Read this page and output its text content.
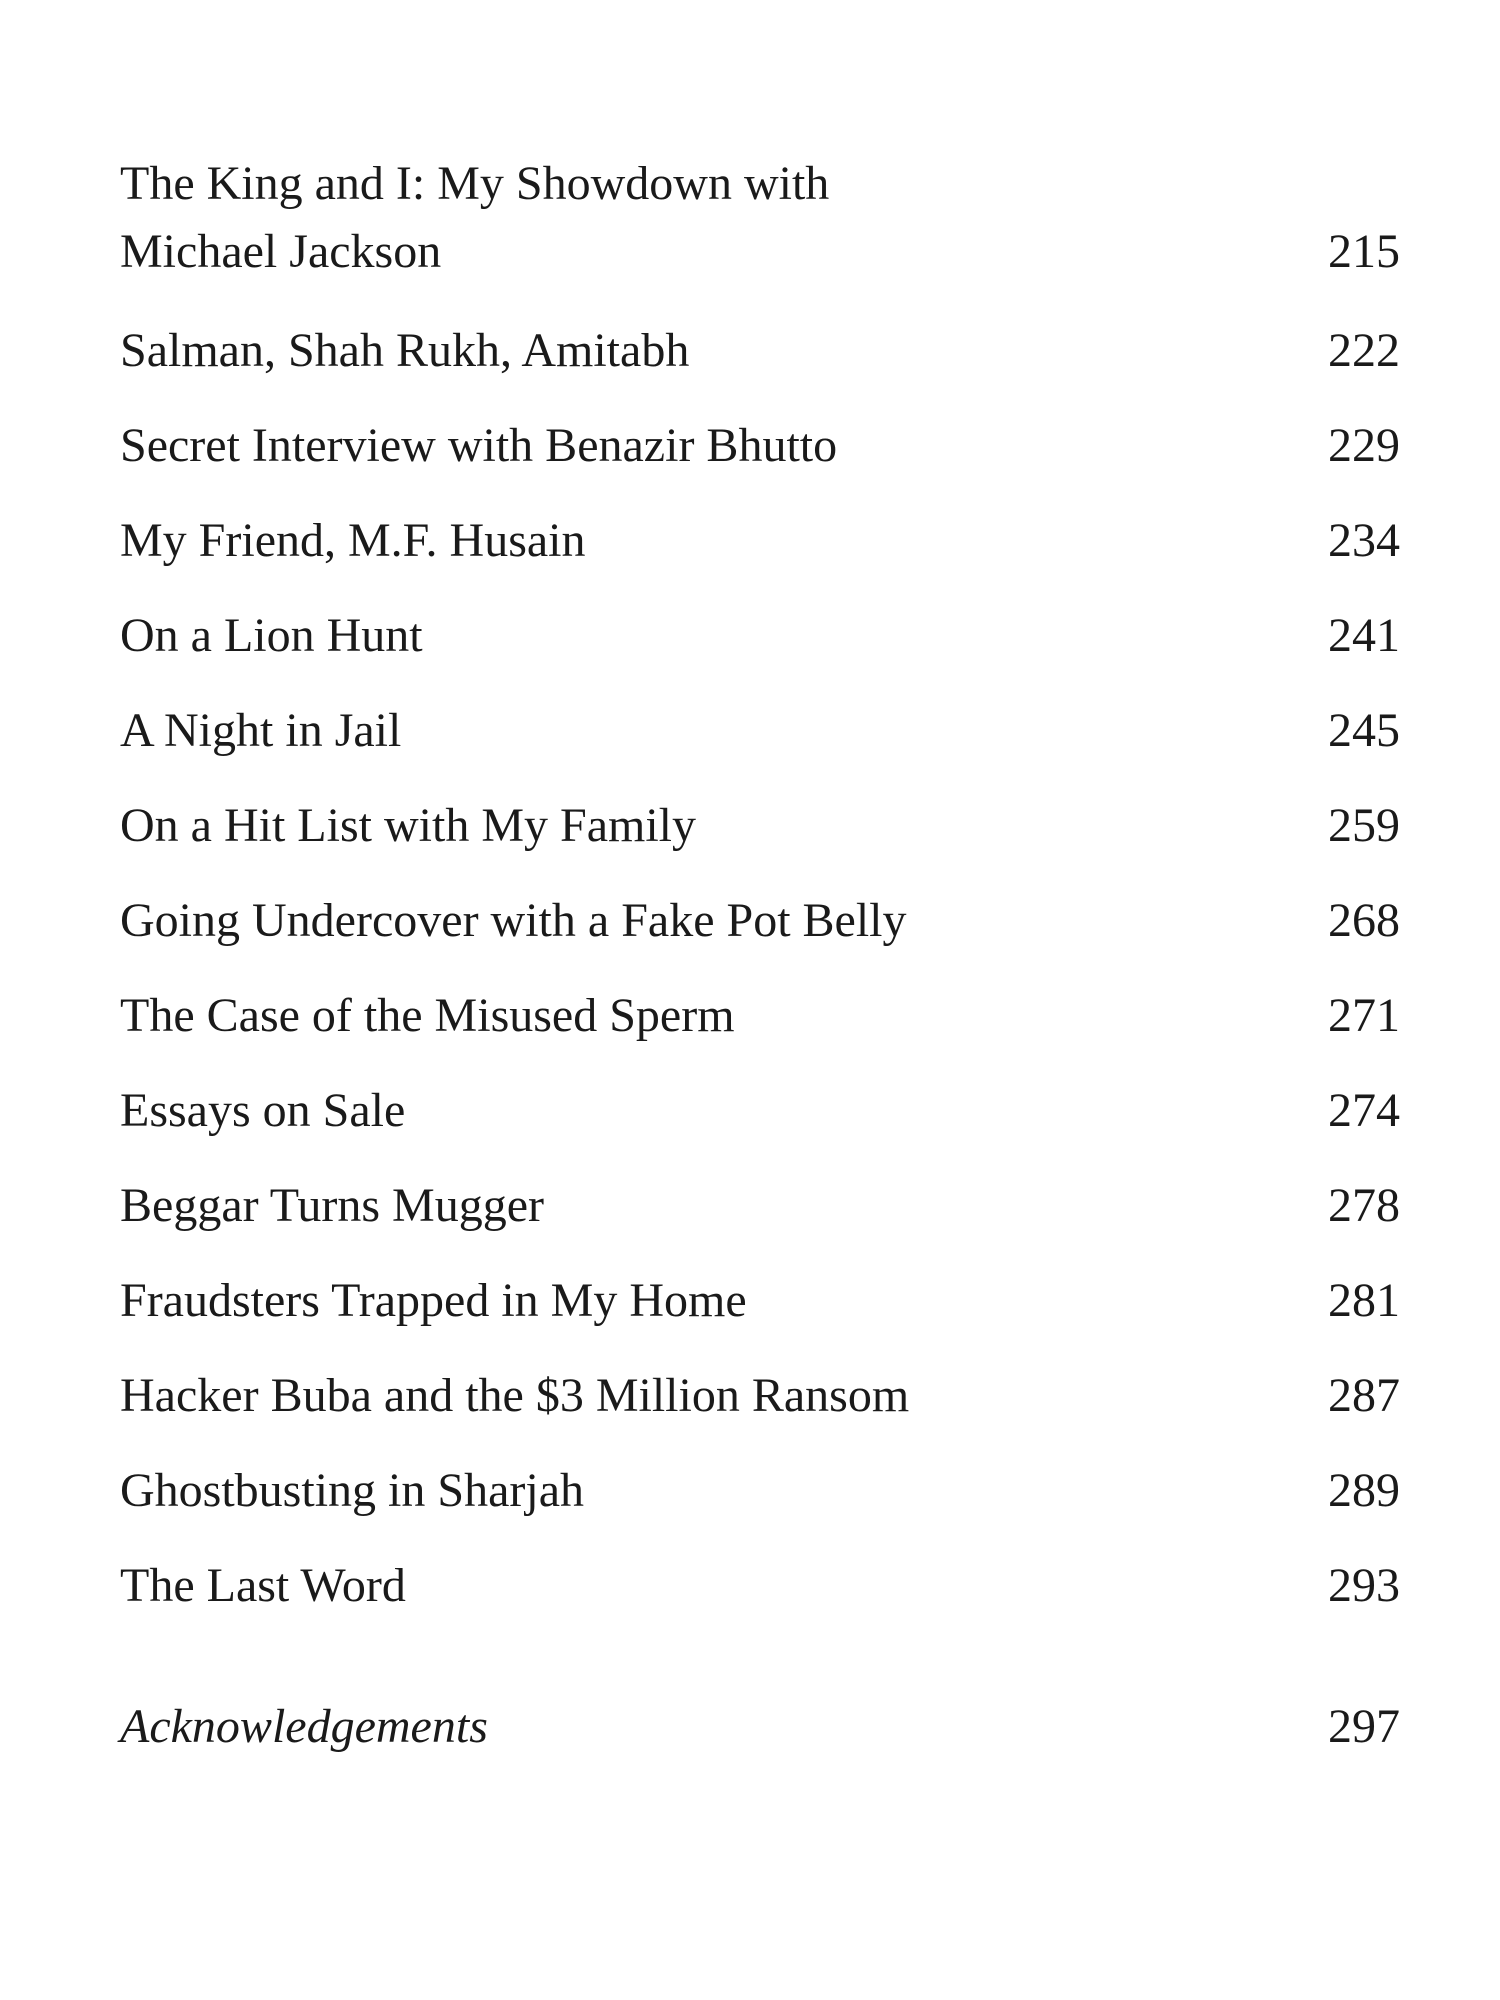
The King and I: My Showdown with Michael Jackson	215
Salman, Shah Rukh, Amitabh	222
Secret Interview with Benazir Bhutto	229
My Friend, M.F. Husain	234
On a Lion Hunt	241
A Night in Jail	245
On a Hit List with My Family	259
Going Undercover with a Fake Pot Belly	268
The Case of the Misused Sperm	271
Essays on Sale	274
Beggar Turns Mugger	278
Fraudsters Trapped in My Home	281
Hacker Buba and the $3 Million Ransom	287
Ghostbusting in Sharjah	289
The Last Word	293
Acknowledgements	297
